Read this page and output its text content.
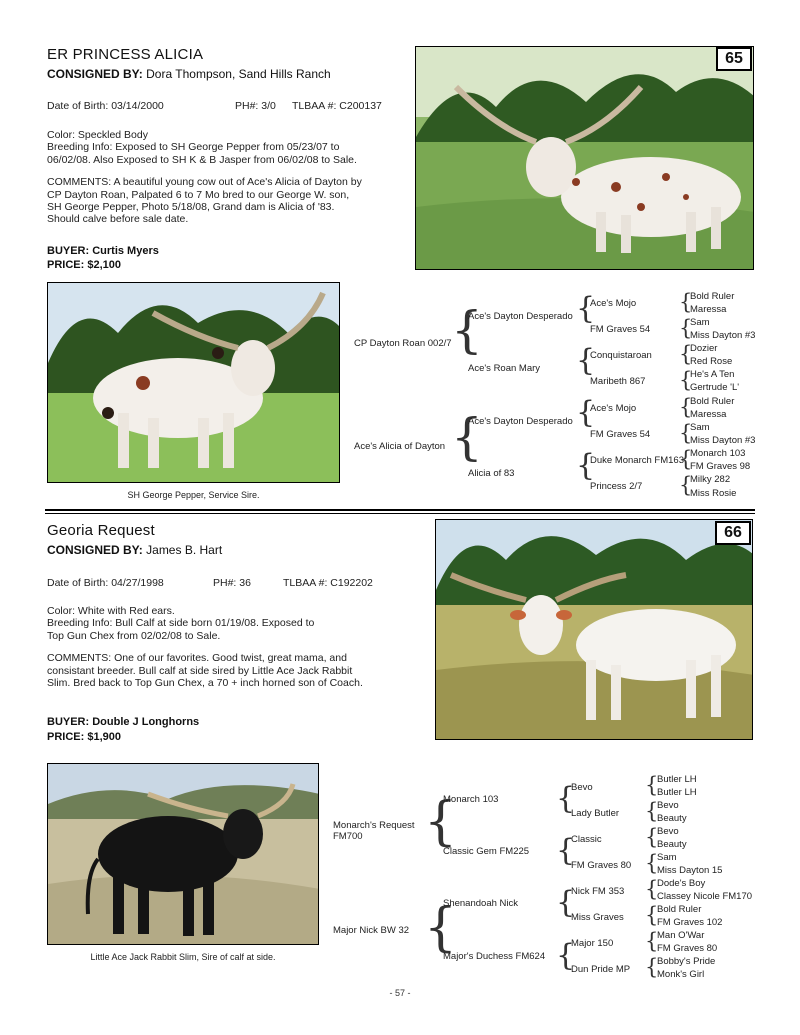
ER PRINCESS ALICIA
CONSIGNED BY: Dora Thompson, Sand Hills Ranch
Date of Birth: 03/14/2000	PH#: 3/0 TLBAA #: C200137
Color: Speckled Body
Breeding Info: Exposed to SH George Pepper from 05/23/07 to
06/02/08. Also Exposed to SH K & B Jasper from 06/02/08 to Sale.
COMMENTS: A beautiful young cow out of Ace's Alicia of Dayton by
CP Dayton Roan, Palpated 6 to 7 Mo bred to our George W. son,
SH George Pepper, Photo 5/18/08, Grand dam is Alicia of '83.
Should calve before sale date.
BUYER: Curtis Myers
PRICE: $2,100
65
SH George Pepper, Service Sire.
CP Dayton Roan 002/7
Ace's Alicia of Dayton
{
{
Ace's Dayton Desperado
Ace's Roan Mary
Ace's Dayton Desperado
Alicia of 83
{
{
{
{
Ace's Mojo
FM Graves 54
Conquistaroan
Maribeth 867
Ace's Mojo
FM Graves 54
Duke Monarch FM163
Princess 2/7
{
{
{
{
{
{
{
{
Bold Ruler
Maressa
Sam
Miss Dayton #3
Dozier
Red Rose
He's A Ten
Gertrude 'L'
Bold Ruler
Maressa
Sam
Miss Dayton #3
Monarch 103
FM Graves 98
Milky 282
Miss Rosie
Georia Request
CONSIGNED BY: James B. Hart
Date of Birth: 04/27/1998	PH#: 36	TLBAA #: C192202
Color: White with Red ears.
Breeding Info: Bull Calf at side born 01/19/08. Exposed to
Top Gun Chex from 02/02/08 to Sale.
COMMENTS: One of our favorites. Good twist, great mama, and
consistant breeder. Bull calf at side sired by Little Ace Jack Rabbit
Slim. Bred back to Top Gun Chex, a 70 + inch horned son of Coach.
BUYER: Double J Longhorns
PRICE: $1,900
66
Little Ace Jack Rabbit Slim, Sire of calf at side.
Monarch's Request
FM700
Major Nick BW 32
{
{
Monarch 103
Classic Gem FM225
Shenandoah Nick
Major's Duchess FM624
{
{
{
{
Bevo
Lady Butler
Classic
FM Graves 80
Nick FM 353
Miss Graves
Major 150
Dun Pride MP
{
{
{
{
{
{
{
{
Butler LH
Butler LH
Bevo
Beauty
Bevo
Beauty
Sam
Miss Dayton 15
Dode's Boy
Classey Nicole FM170
Bold Ruler
FM Graves 102
Man O'War
FM Graves 80
Bobby's Pride
Monk's Girl
- 57 -
